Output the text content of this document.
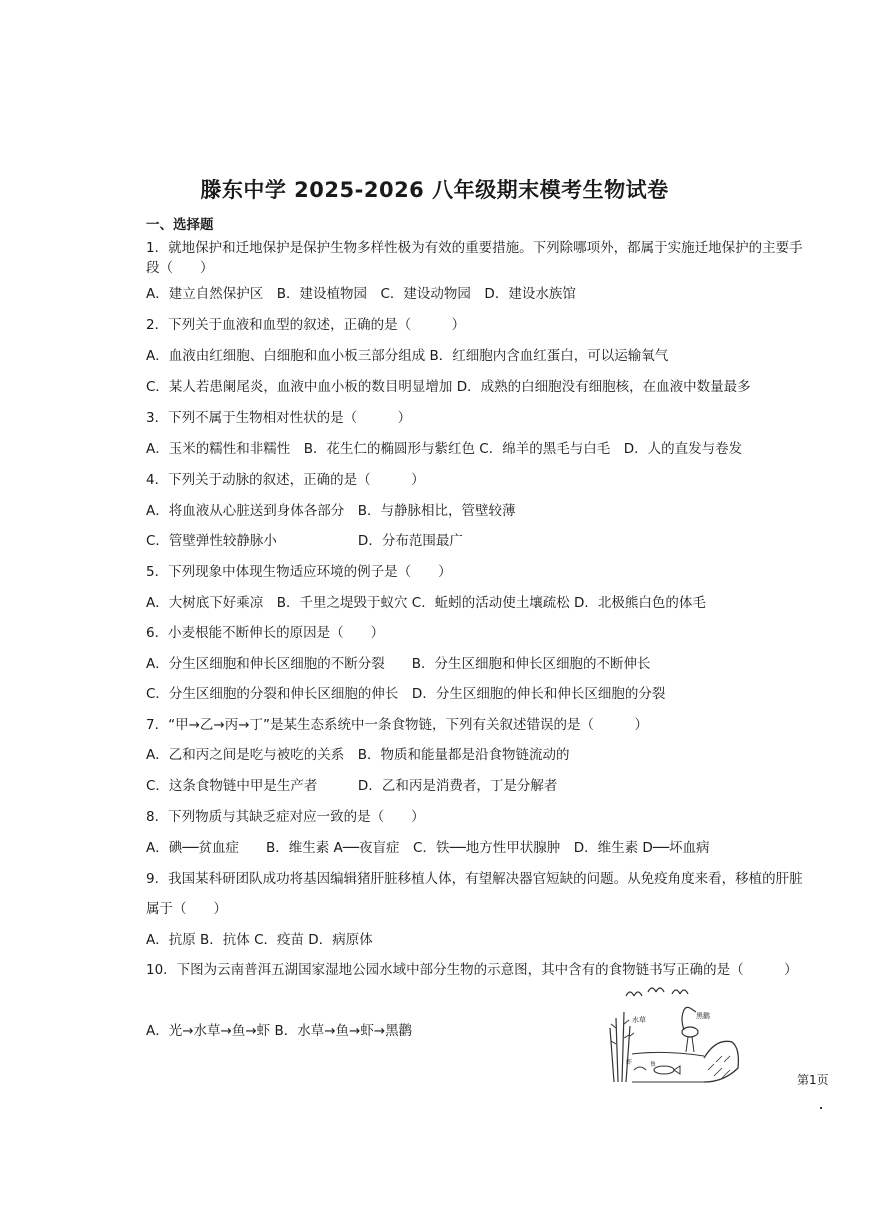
滕东中学 2025-2026 八年级期末模考生物试卷
一、选择题
1．就地保护和迁地保护是保护生物多样性极为有效的重要措施。下列除哪项外，都属于实施迁地保护的主要手
段（　　）
A．建立自然保护区　B．建设植物园　C．建设动物园　D．建设水族馆
2．下列关于血液和血型的叙述，正确的是（　　　）
A．血液由红细胞、白细胞和血小板三部分组成 B．红细胞内含血红蛋白，可以运输氧气
C．某人若患阑尾炎，血液中血小板的数目明显增加 D．成熟的白细胞没有细胞核，在血液中数量最多
3．下列不属于生物相对性状的是（　　　）
A．玉米的糯性和非糯性　B．花生仁的椭圆形与紫红色 C．绵羊的黑毛与白毛　D．人的直发与卷发
4．下列关于动脉的叙述，正确的是（　　　）
A．将血液从心脏送到身体各部分　B．与静脉相比，管壁较薄
C．管壁弹性较静脉小　　　　　　D．分布范围最广
5．下列现象中体现生物适应环境的例子是（　　）
A．大树底下好乘凉　B．千里之堤毁于蚁穴 C．蚯蚓的活动使土壤疏松 D．北极熊白色的体毛
6．小麦根能不断伸长的原因是（　　）
A．分生区细胞和伸长区细胞的不断分裂　　B．分生区细胞和伸长区细胞的不断伸长
C．分生区细胞的分裂和伸长区细胞的伸长　D．分生区细胞的伸长和伸长区细胞的分裂
7．“甲→乙→丙→丁”是某生态系统中一条食物链，下列有关叙述错误的是（　　　）
A．乙和丙之间是吃与被吃的关系　B．物质和能量都是沿食物链流动的
C．这条食物链中甲是生产者　　　D．乙和丙是消费者，丁是分解者
8．下列物质与其缺乏症对应一致的是（　　）
A．碘──贫血症　　B．维生素 A──夜盲症　C．铁──地方性甲状腺肿　D．维生素 D──坏血病
9．我国某科研团队成功将基因编辑猪肝脏移植人体，有望解决器官短缺的问题。从免疫角度来看，移植的肝脏
属于（　　）
A．抗原 B．抗体 C．疫苗 D．病原体
10．下图为云南普洱五湖国家湿地公园水域中部分生物的示意图，其中含有的食物链书写正确的是（　　　）
A．光→水草→鱼→虾 B．水草→鱼→虾→黑鹳
水草	黑鹳
鱼
虾
第1页
